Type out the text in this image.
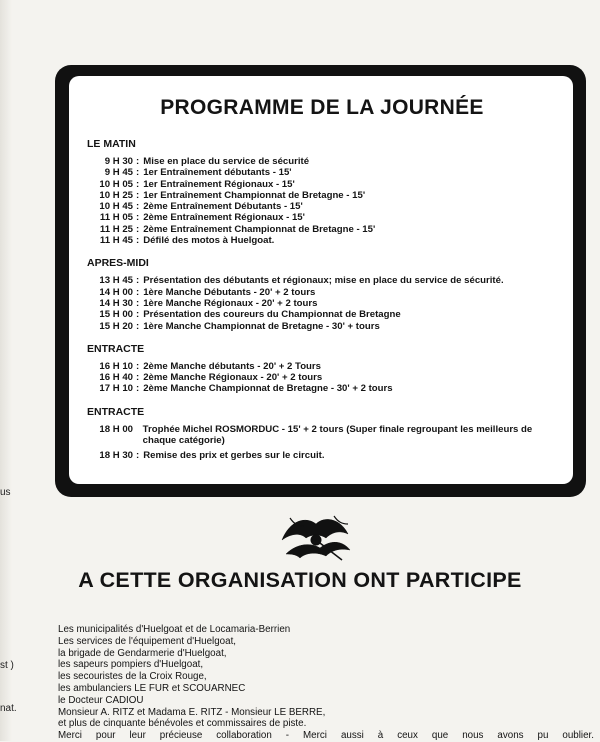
us
st )
nat.
PROGRAMME DE LA JOURNÉE
LE MATIN
9 H 30 : Mise en place du service de sécurité
9 H 45 : 1er Entraînement débutants - 15'
10 H 05 : 1er Entraînement Régionaux - 15'
10 H 25 : 1er Entraînement Championnat de Bretagne - 15'
10 H 45 : 2ème Entraînement Débutants - 15'
11 H 05 : 2ème Entraînement Régionaux - 15'
11 H 25 : 2ème Entraînement Championnat de Bretagne - 15'
11 H 45 : Défilé des motos à Huelgoat.
APRES-MIDI
13 H 45 : Présentation des débutants et régionaux; mise en place du service de sécurité.
14 H 00 : 1ère Manche Débutants - 20' + 2 tours
14 H 30 : 1ère Manche Régionaux - 20' + 2 tours
15 H 00 : Présentation des coureurs du Championnat de Bretagne
15 H 20 : 1ère Manche Championnat de Bretagne - 30' + tours
ENTRACTE
16 H 10 : 2ème Manche débutants - 20' + 2 Tours
16 H 40 : 2ème Manche Régionaux - 20' + 2 tours
17 H 10 : 2ème Manche Championnat de Bretagne - 30' + 2 tours
ENTRACTE
18 H 00
Trophée Michel ROSMORDUC - 15' + 2 tours (Super finale regroupant les meilleurs de chaque catégorie)
18 H 30 : Remise des prix et gerbes sur le circuit.
A CETTE ORGANISATION ONT PARTICIPE
Les municipalités d'Huelgoat et de Locamaria-Berrien
Les services de l'équipement d'Huelgoat,
la brigade de Gendarmerie d'Huelgoat,
les sapeurs pompiers d'Huelgoat,
les secouristes de la Croix Rouge,
les ambulanciers LE FUR et SCOUARNEC
le Docteur CADIOU
Monsieur A. RITZ et Madama E. RITZ - Monsieur LE BERRE,
et plus de cinquante bénévoles et commissaires de piste.
Merci pour leur précieuse collaboration - Merci aussi à ceux que nous avons pu oublier.
